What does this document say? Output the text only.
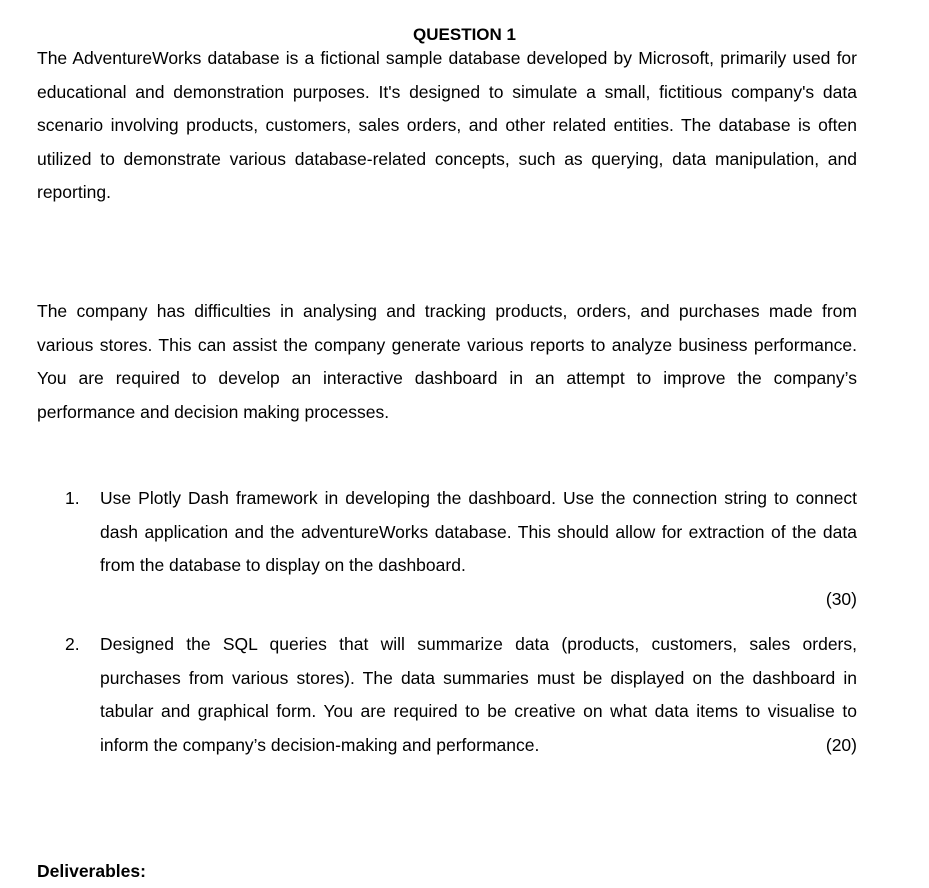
QUESTION 1

The AdventureWorks database is a fictional sample database developed by Microsoft, primarily used for educational and demonstration purposes. It's designed to simulate a small, fictitious company's data scenario involving products, customers, sales orders, and other related entities. The database is often utilized to demonstrate various database-related concepts, such as querying, data manipulation, and reporting.

The company has difficulties in analysing and tracking products, orders, and purchases made from various stores. This can assist the company generate various reports to analyze business performance. You are required to develop an interactive dashboard in an attempt to improve the company’s performance and decision making processes.

1.	Use Plotly Dash framework in developing the dashboard. Use the connection string to connect dash application and the adventureWorks database. This should allow for extraction of the data from the database to display on the dashboard.

(30)
2.	Designed the SQL queries that will summarize data (products, customers, sales orders, purchases from various stores). The data summaries must be displayed on the dashboard in tabular and graphical form. You are required to be creative on what data items to visualise to inform the company’s decision-making and performance.	(20)

Deliverables:
